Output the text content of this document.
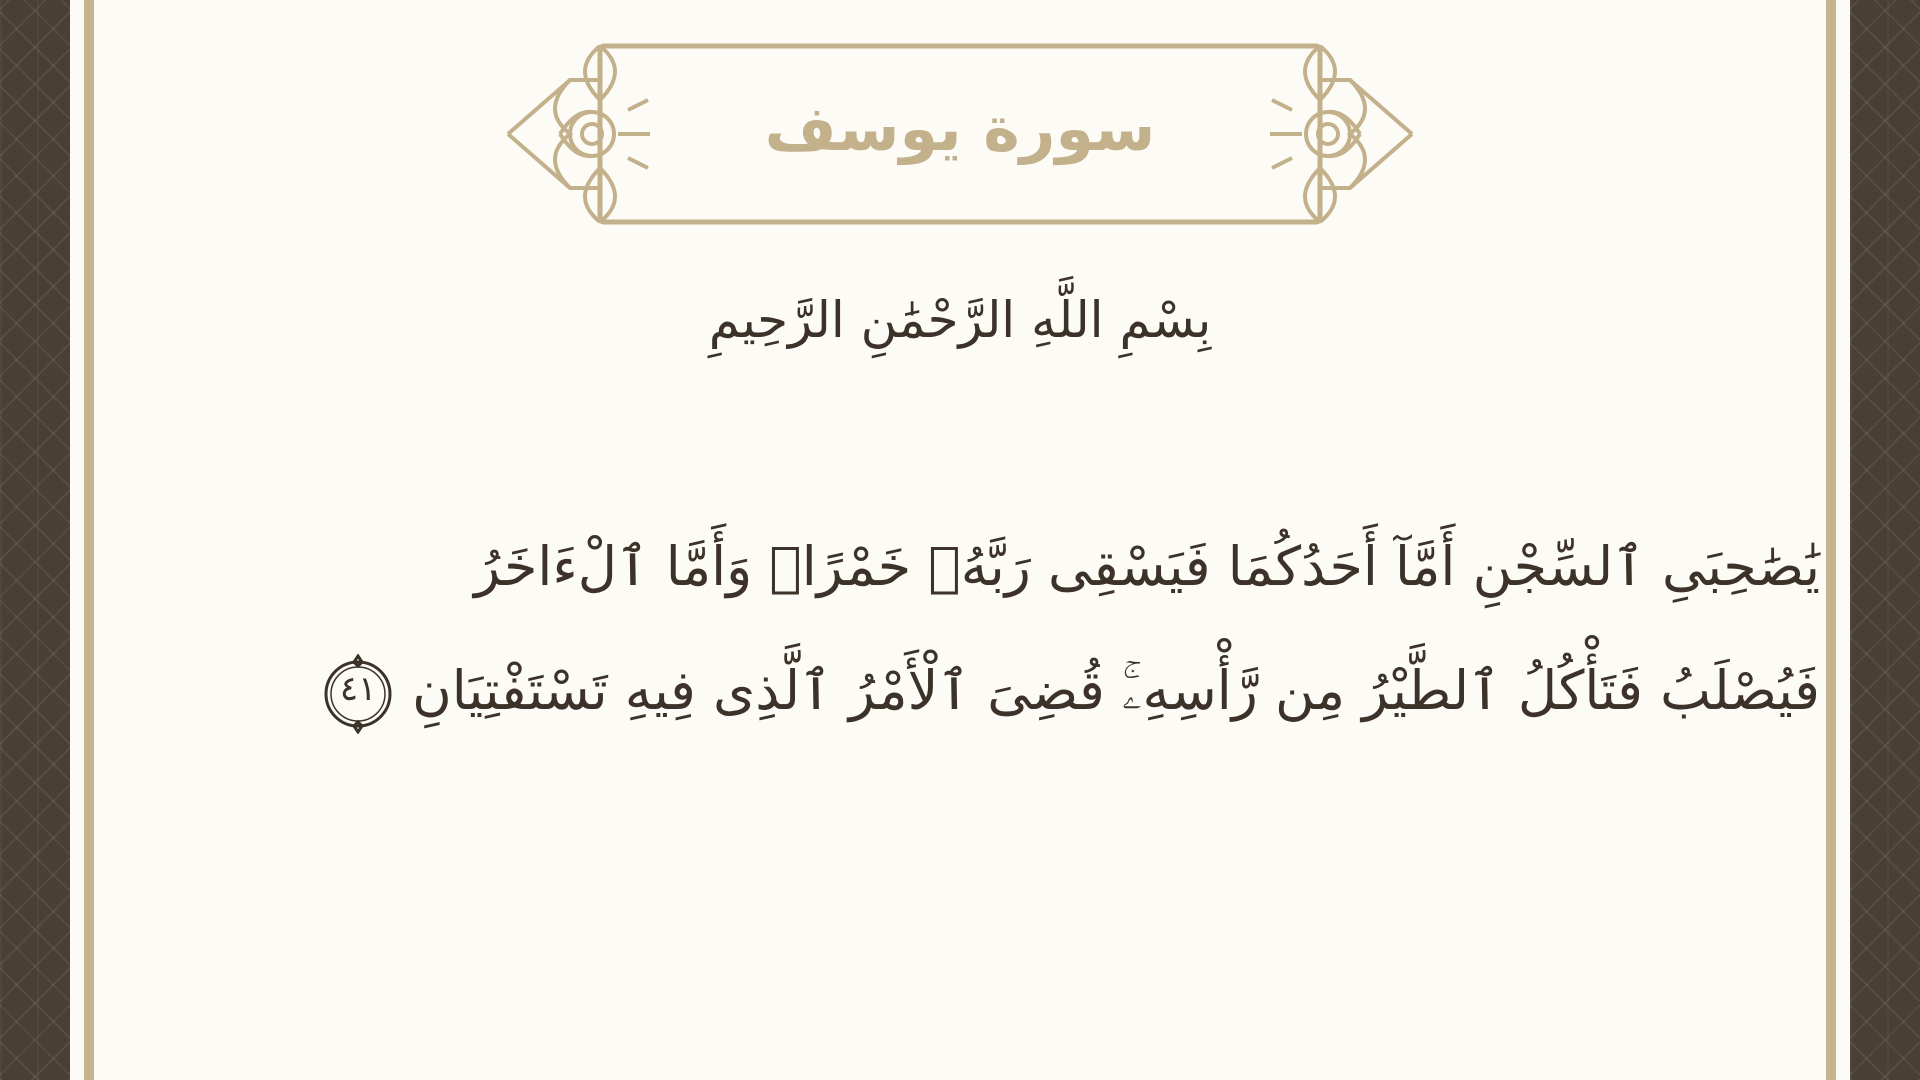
سورة يوسف
بِسْمِ اللَّهِ الرَّحْمَٰنِ الرَّحِيمِ
يَٰصَٰحِبَىِ ٱلسِّجْنِ أَمَّآ أَحَدُكُمَا فَيَسْقِى رَبَّهُۥ خَمْرًاۖ وَأَمَّا ٱلْءَاخَرُ
فَيُصْلَبُ فَتَأْكُلُ ٱلطَّيْرُ مِن رَّأْسِهِۦۚ قُضِىَ ٱلْأَمْرُ ٱلَّذِى فِيهِ تَسْتَفْتِيَانِ
٤١
